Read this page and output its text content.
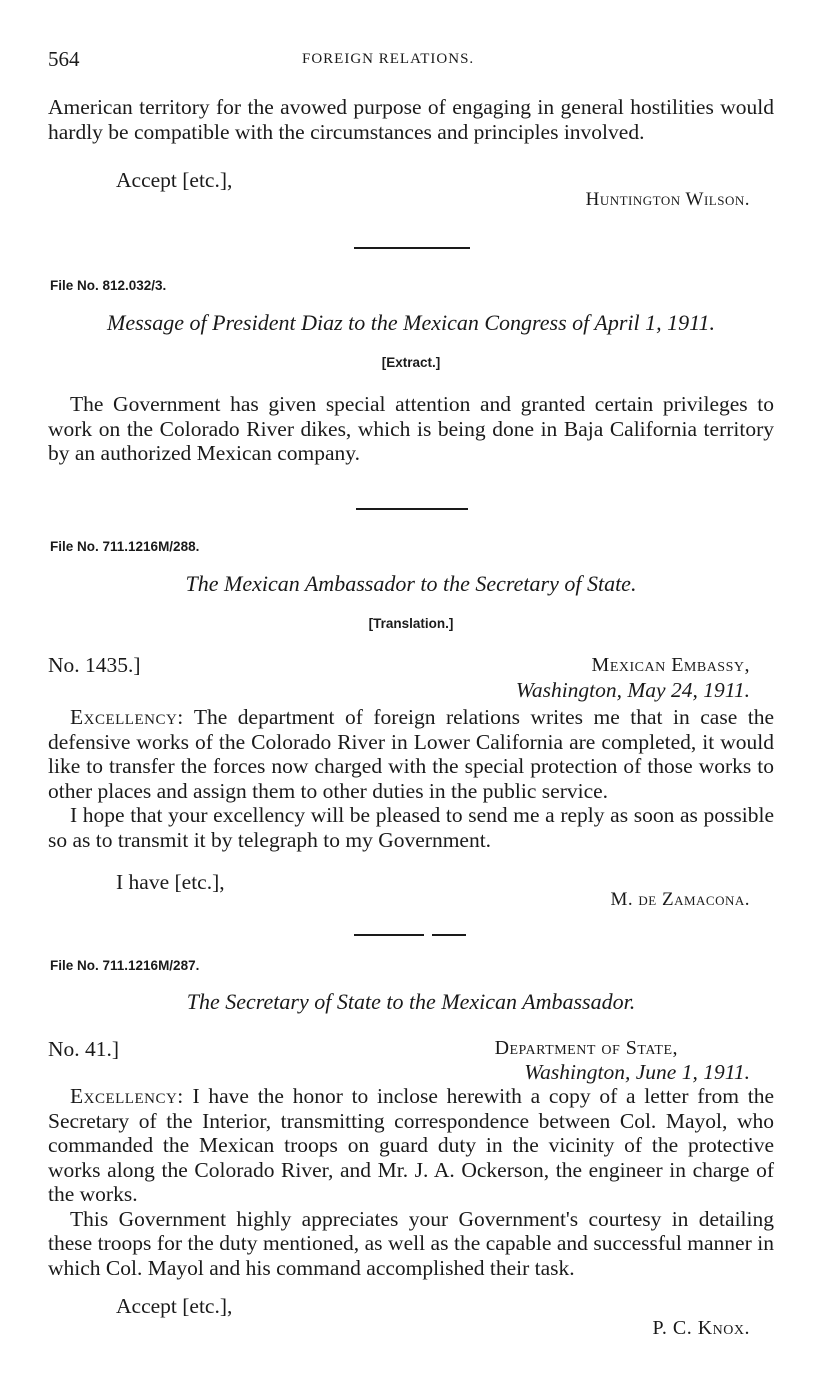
564	FOREIGN RELATIONS.

American territory for the avowed purpose of engaging in general hostilities would hardly be compatible with the circumstances and principles involved.

Accept [etc.],
Huntington Wilson.
File No. 812.032/3.
Message of President Diaz to the Mexican Congress of April 1, 1911.
[Extract.]

The Government has given special attention and granted certain privileges to work on the Colorado River dikes, which is being done in Baja California territory by an authorized Mexican company.

File No. 711.1216M/288.
The Mexican Ambassador to the Secretary of State.
[Translation.]
No. 1435.]	Mexican Embassy,
Washington, May 24, 1911.

Excellency: The department of foreign relations writes me that in case the defensive works of the Colorado River in Lower California are completed, it would like to transfer the forces now charged with the special protection of those works to other places and assign them to other duties in the public service.

I hope that your excellency will be pleased to send me a reply as soon as possible so as to transmit it by telegraph to my Government.

I have [etc.],
M. de Zamacona.
File No. 711.1216M/287.
The Secretary of State to the Mexican Ambassador.
No. 41.]	Department of State,
Washington, June 1, 1911.

Excellency: I have the honor to inclose herewith a copy of a letter from the Secretary of the Interior, transmitting correspondence between Col. Mayol, who commanded the Mexican troops on guard duty in the vicinity of the protective works along the Colorado River, and Mr. J. A. Ockerson, the engineer in charge of the works.

This Government highly appreciates your Government's courtesy in detailing these troops for the duty mentioned, as well as the capable and successful manner in which Col. Mayol and his command accomplished their task.

Accept [etc.],
P. C. Knox.
